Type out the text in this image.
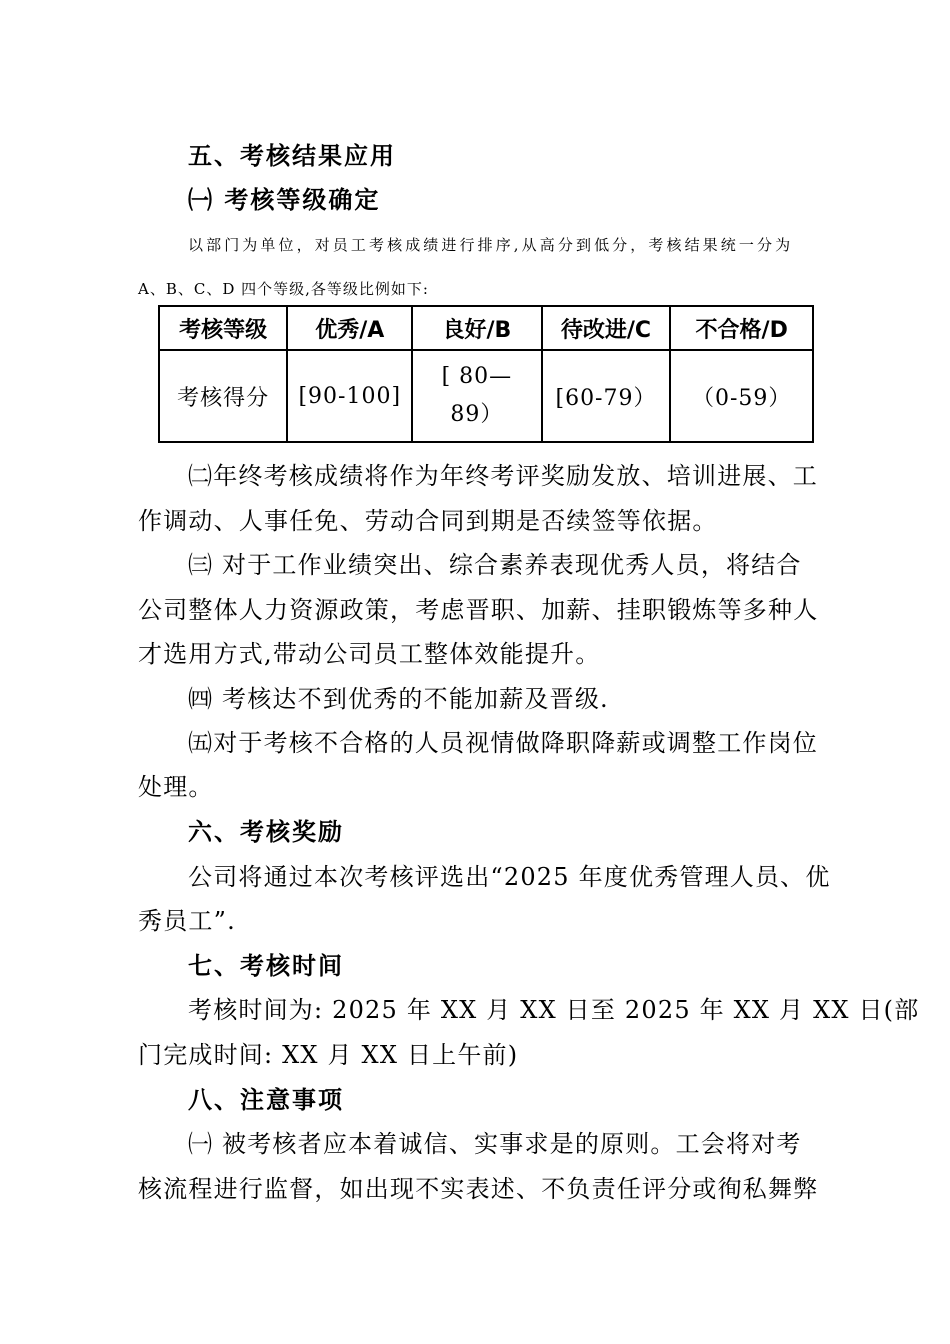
五、考核结果应用
㈠ 考核等级确定
以部门为单位，对员工考核成绩进行排序,从高分到低分，考核结果统一分为
A、B、C、D 四个等级,各等级比例如下:
考核等级	优秀/A	良好/B	待改进/C	不合格/D
考核得分	[90-100]	[ 80—89）	[60-79）	（0-59）
㈡年终考核成绩将作为年终考评奖励发放、培训进展、工
作调动、人事任免、劳动合同到期是否续签等依据。
㈢ 对于工作业绩突出、综合素养表现优秀人员，将结合
公司整体人力资源政策，考虑晋职、加薪、挂职锻炼等多种人
才选用方式,带动公司员工整体效能提升。
㈣ 考核达不到优秀的不能加薪及晋级.
㈤对于考核不合格的人员视情做降职降薪或调整工作岗位
处理。
六、考核奖励
公司将通过本次考核评选出“2025 年度优秀管理人员、优
秀员工”.
七、考核时间
考核时间为: 2025 年 XX 月 XX 日至 2025 年 XX 月 XX 日(部
门完成时间: XX 月 XX 日上午前)
八、注意事项
㈠ 被考核者应本着诚信、实事求是的原则。工会将对考
核流程进行监督，如出现不实表述、不负责任评分或徇私舞弊
